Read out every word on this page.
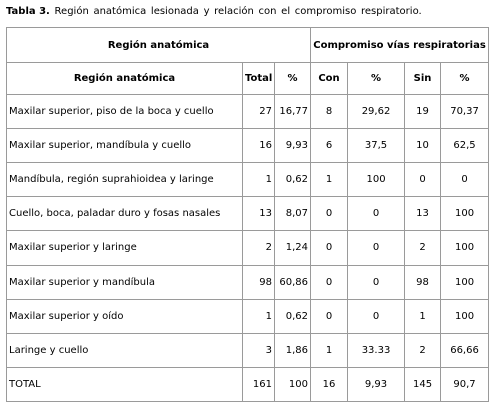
Tabla 3. Región anatómica lesionada y relación con el compromiso respiratorio.
Región anatómica			Compromiso vías respiratorias			
Región anatómica	Total	%	Con	%	Sin	%
Maxilar superior, piso de la boca y cuello	27	16,77	8	29,62	19	70,37
Maxilar superior, mandíbula y cuello	16	9,93	6	37,5	10	62,5
Mandíbula, región suprahioidea y laringe	1	0,62	1	100	0	0
Cuello, boca, paladar duro y fosas nasales	13	8,07	0	0	13	100
Maxilar superior y laringe	2	1,24	0	0	2	100
Maxilar superior y mandíbula	98	60,86	0	0	98	100
Maxilar superior y oído	1	0,62	0	0	1	100
Laringe y cuello	3	1,86	1	33.33	2	66,66
TOTAL	161	100	16	9,93	145	90,7
